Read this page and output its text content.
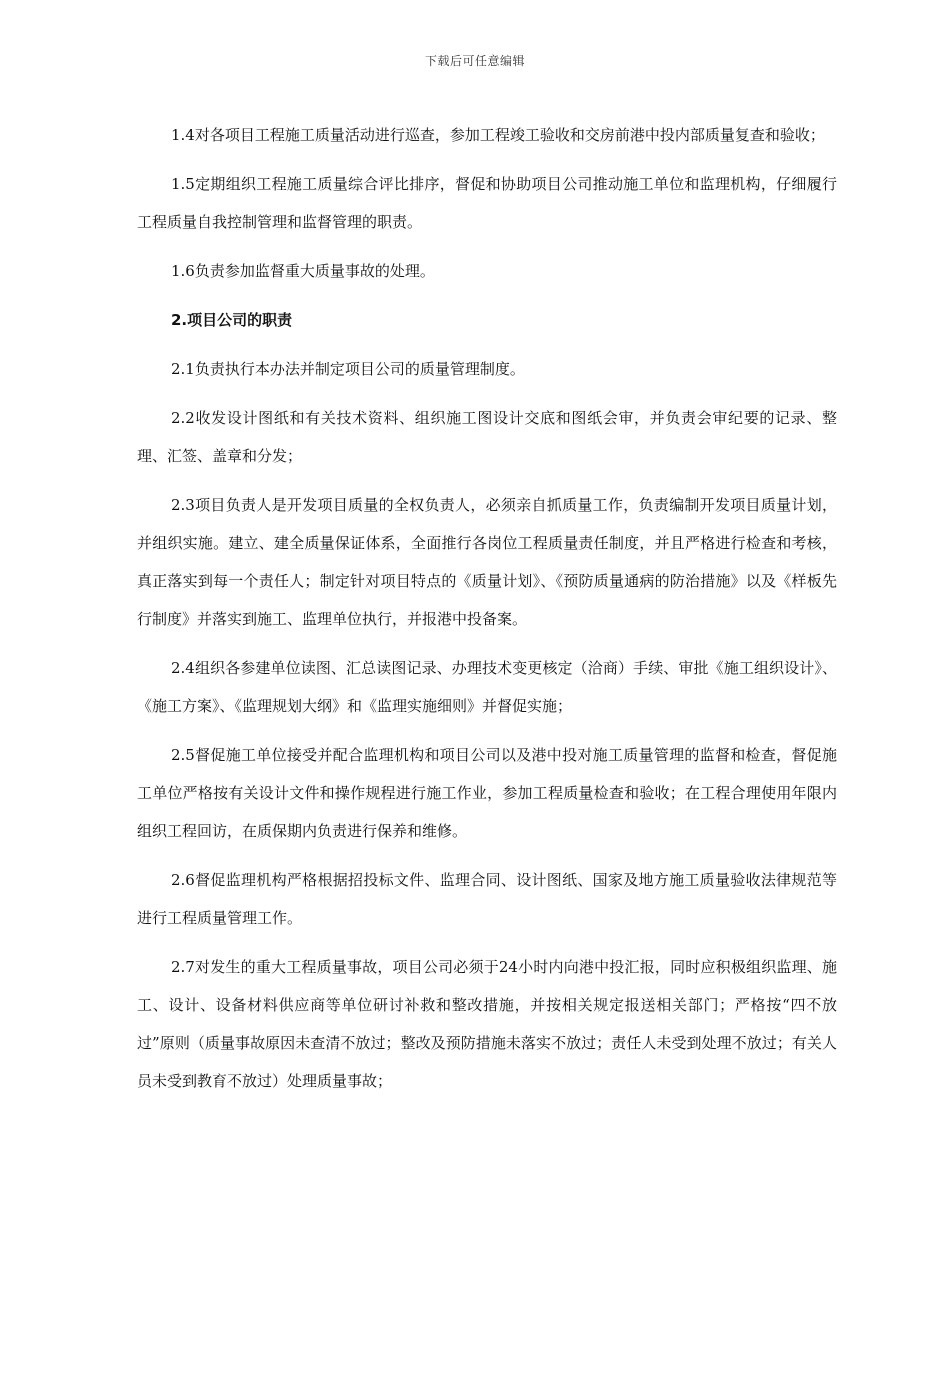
下载后可任意编辑

1.4对各项目工程施工质量活动进行巡查，参加工程竣工验收和交房前港中投内部质量复查和验收；

1.5定期组织工程施工质量综合评比排序，督促和协助项目公司推动施工单位和监理机构，仔细履行工程质量自我控制管理和监督管理的职责。

1.6负责参加监督重大质量事故的处理。

2.项目公司的职责

2.1负责执行本办法并制定项目公司的质量管理制度。

2.2收发设计图纸和有关技术资料、组织施工图设计交底和图纸会审，并负责会审纪要的记录、整理、汇签、盖章和分发；

2.3项目负责人是开发项目质量的全权负责人，必须亲自抓质量工作，负责编制开发项目质量计划，并组织实施。建立、建全质量保证体系，全面推行各岗位工程质量责任制度，并且严格进行检查和考核，真正落实到每一个责任人；制定针对项目特点的《质量计划》、《预防质量通病的防治措施》以及《样板先行制度》并落实到施工、监理单位执行，并报港中投备案。

2.4组织各参建单位读图、汇总读图记录、办理技术变更核定（洽商）手续、审批《施工组织设计》、《施工方案》、《监理规划大纲》和《监理实施细则》并督促实施；

2.5督促施工单位接受并配合监理机构和项目公司以及港中投对施工质量管理的监督和检查，督促施工单位严格按有关设计文件和操作规程进行施工作业，参加工程质量检查和验收；在工程合理使用年限内组织工程回访，在质保期内负责进行保养和维修。

2.6督促监理机构严格根据招投标文件、监理合同、设计图纸、国家及地方施工质量验收法律规范等进行工程质量管理工作。

2.7对发生的重大工程质量事故，项目公司必须于24小时内向港中投汇报，同时应积极组织监理、施工、设计、设备材料供应商等单位研讨补救和整改措施，并按相关规定报送相关部门；严格按“四不放过”原则（质量事故原因未查清不放过；整改及预防措施未落实不放过；责任人未受到处理不放过；有关人员未受到教育不放过）处理质量事故；
